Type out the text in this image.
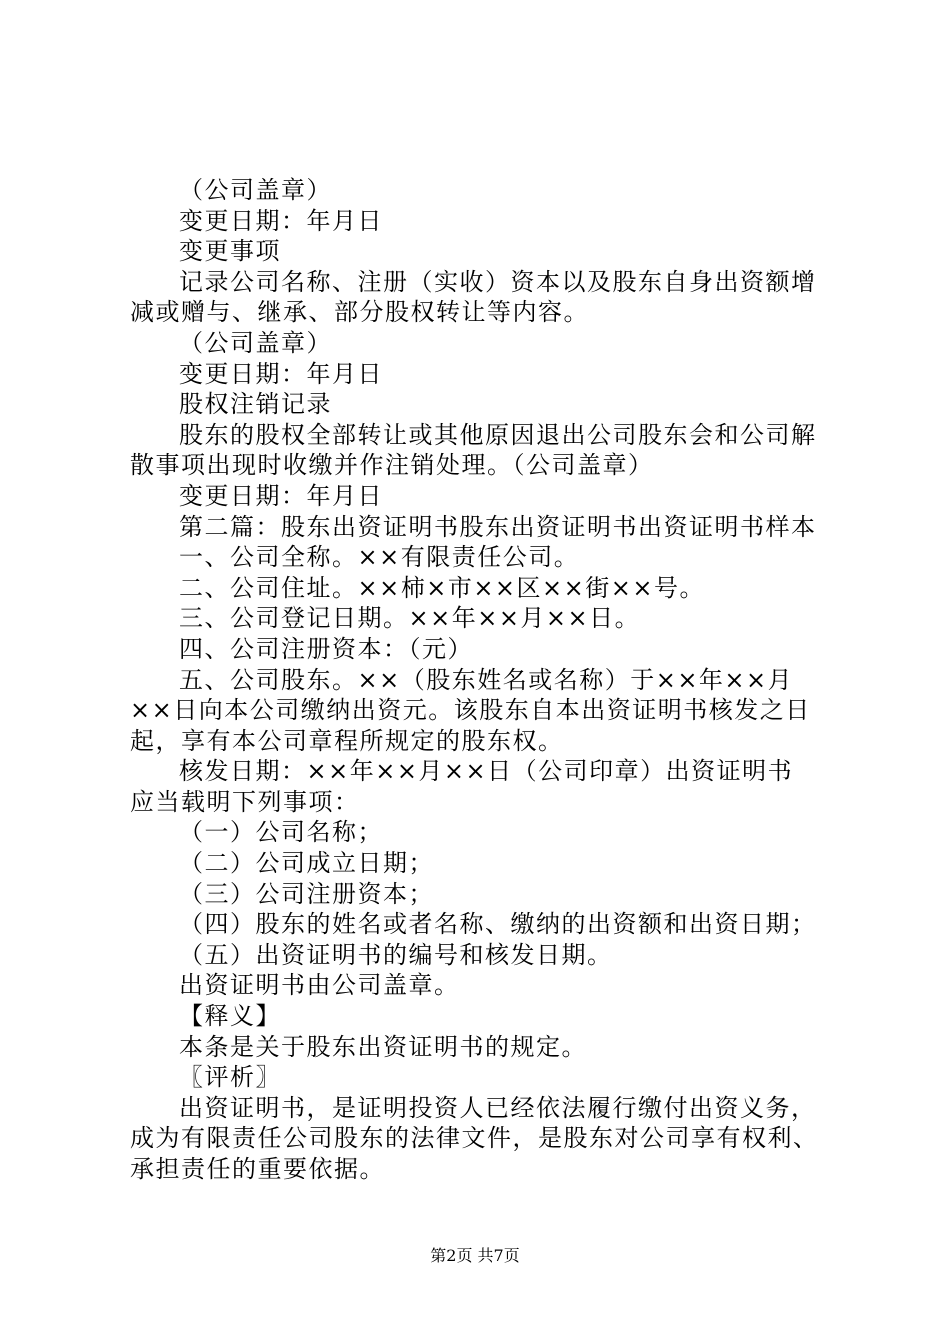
（公司盖章）
变更日期：年月日
变更事项
记录公司名称、注册（实收）资本以及股东自身出资额增
减或赠与、继承、部分股权转让等内容。
（公司盖章）
变更日期：年月日
股权注销记录
股东的股权全部转让或其他原因退出公司股东会和公司解
散事项出现时收缴并作注销处理。（公司盖章）
变更日期：年月日
第二篇：股东出资证明书股东出资证明书出资证明书样本
一、公司全称。××有限责任公司。
二、公司住址。××柿×市××区××街××号。
三、公司登记日期。××年××月××日。
四、公司注册资本：（元）
五、公司股东。××（股东姓名或名称）于××年××月
××日向本公司缴纳出资元。该股东自本出资证明书核发之日
起，享有本公司章程所规定的股东权。
核发日期：××年××月××日（公司印章）出资证明书
应当载明下列事项：
（一）公司名称；
（二）公司成立日期；
（三）公司注册资本；
（四）股东的姓名或者名称、缴纳的出资额和出资日期；
（五）出资证明书的编号和核发日期。
出资证明书由公司盖章。
【释义】
本条是关于股东出资证明书的规定。
〖评析〗
出资证明书，是证明投资人已经依法履行缴付出资义务，
成为有限责任公司股东的法律文件，是股东对公司享有权利、
承担责任的重要依据。
第2页 共7页
